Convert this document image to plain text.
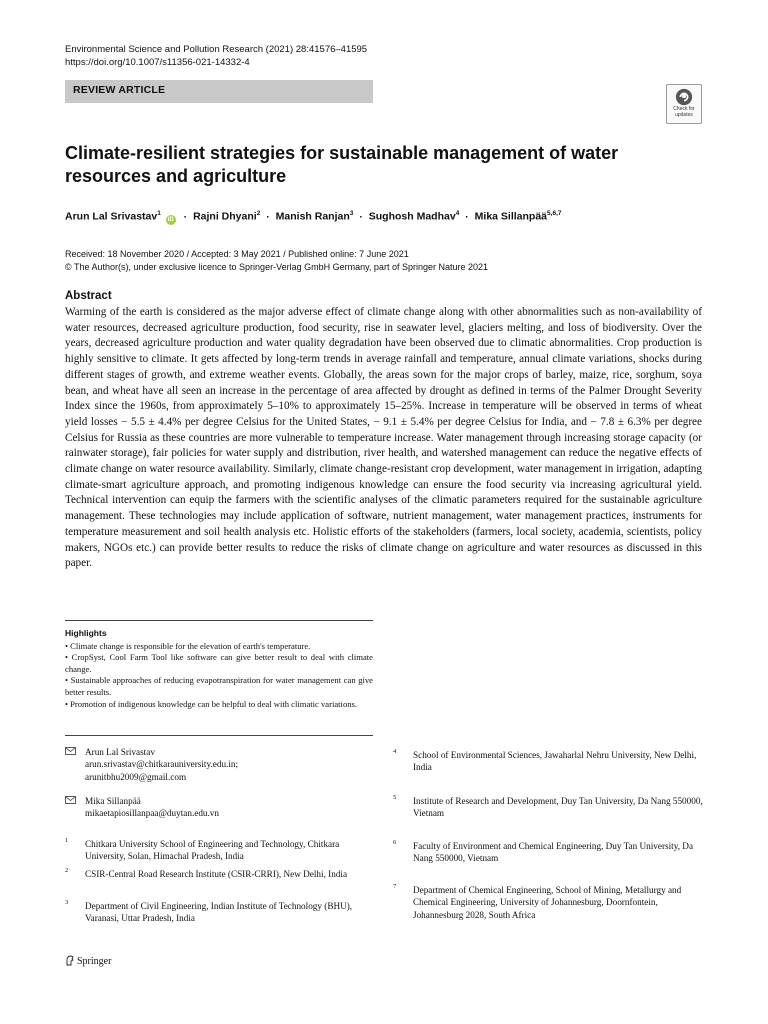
Environmental Science and Pollution Research (2021) 28:41576–41595
https://doi.org/10.1007/s11356-021-14332-4
REVIEW ARTICLE
Check for
updates
Climate-resilient strategies for sustainable management of water resources and agriculture
Arun Lal Srivastav$^1$ iD · Rajni Dhyani$^2$ · Manish Ranjan$^3$ · Sughosh Madhav$^4$ · Mika Sillanpää$^{5,6,7}$
Received: 18 November 2020 / Accepted: 3 May 2021 / Published online: 7 June 2021
© The Author(s), under exclusive licence to Springer-Verlag GmbH Germany, part of Springer Nature 2021
Abstract
Warming of the earth is considered as the major adverse effect of climate change along with other abnormalities such as non-availability of water resources, decreased agriculture production, food security, rise in seawater level, glaciers melting, and loss of biodiversity. Over the years, decreased agriculture production and water quality degradation have been observed due to climatic abnormalities. Crop production is highly sensitive to climate. It gets affected by long-term trends in average rainfall and temperature, annual climate variations, shocks during different stages of growth, and extreme weather events. Globally, the areas sown for the major crops of barley, maize, rice, sorghum, soya bean, and wheat have all seen an increase in the percentage of area affected by drought as defined in terms of the Palmer Drought Severity Index since the 1960s, from approximately 5–10% to approximately 15–25%. Increase in temperature will be observed in terms of wheat yield losses − 5.5 ± 4.4% per degree Celsius for the United States, − 9.1 ± 5.4% per degree Celsius for India, and − 7.8 ± 6.3% per degree Celsius for Russia as these countries are more vulnerable to temperature increase. Water management through increasing storage capacity (or rainwater storage), fair policies for water supply and distribution, river health, and watershed management can reduce the negative effects of climate change on water resource availability. Similarly, climate change-resistant crop development, water management in irrigation, adapting climate-smart agriculture approach, and promoting indigenous knowledge can ensure the food security via increasing agricultural yield. Technical intervention can equip the farmers with the scientific analyses of the climatic parameters required for the sustainable agriculture management. These technologies may include application of software, nutrient management, water management practices, instruments for temperature measurement and soil health analysis etc. Holistic efforts of the stakeholders (farmers, local society, academia, scientists, policy makers, NGOs etc.) can provide better results to reduce the risks of climate change on agriculture and water resources as discussed in this paper.
Highlights
• Climate change is responsible for the elevation of earth's temperature.
• CropSyst, Cool Farm Tool like software can give better result to deal with climate change.
• Sustainable approaches of reducing evapotranspiration for water management can give better results.
• Promotion of indigenous knowledge can be helpful to deal with climatic variations.
Arun Lal Srivastav
arun.srivastav@chitkarauniversity.edu.in;
arunitbhu2009@gmail.com
Mika Sillanpää
mikaetapiosillanpaa@duytan.edu.vn
1 Chitkara University School of Engineering and Technology, Chitkara University, Solan, Himachal Pradesh, India
2 CSIR-Central Road Research Institute (CSIR-CRRI), New Delhi, India
3 Department of Civil Engineering, Indian Institute of Technology (BHU), Varanasi, Uttar Pradesh, India
4 School of Environmental Sciences, Jawaharlal Nehru University, New Delhi, India
5 Institute of Research and Development, Duy Tan University, Da Nang 550000, Vietnam
6 Faculty of Environment and Chemical Engineering, Duy Tan University, Da Nang 550000, Vietnam
7 Department of Chemical Engineering, School of Mining, Metallurgy and Chemical Engineering, University of Johannesburg, Doornfontein, Johannesburg 2028, South Africa
Springer
